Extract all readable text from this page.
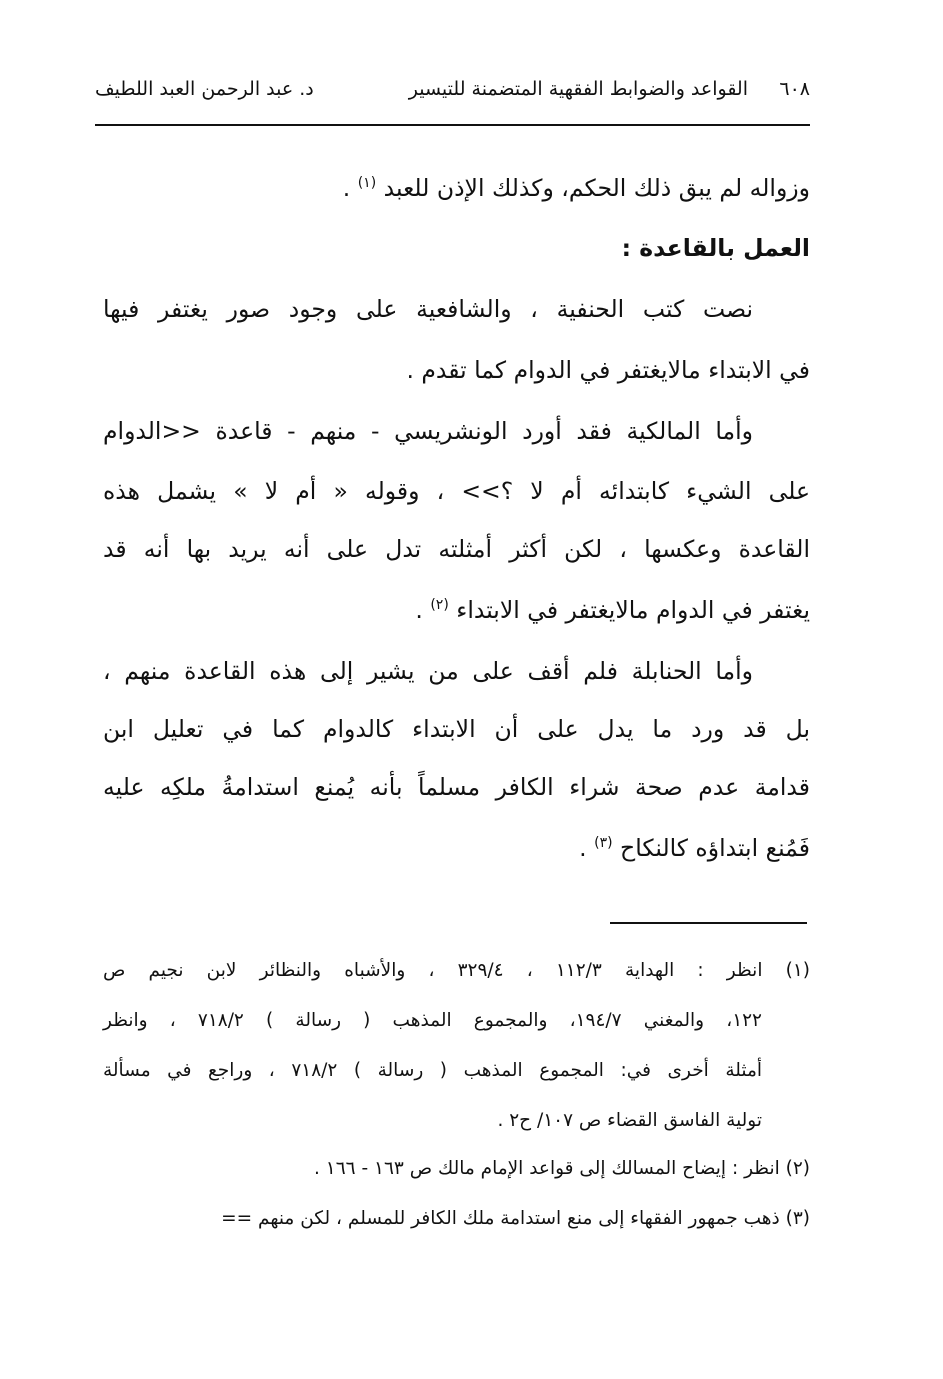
٦٠٨
القواعد والضوابط الفقهية المتضمنة للتيسير
د. عبد الرحمن العبد اللطيف
وزواله لم يبق ذلك الحكم، وكذلك الإذن للعبد $^{(١)}$ .
العمل بالقاعدة :
نصت كتب الحنفية ، والشافعية على وجود صور يغتفر فيها
في الابتداء مالايغتفر في الدوام كما تقدم .
وأما المالكية فقد أورد الونشريسي - منهم - قاعدة <<الدوام
على الشيء كابتدائه أم لا ؟>> ، وقوله « أم لا » يشمل هذه
القاعدة وعكسها ، لكن أكثر أمثلته تدل على أنه يريد بها أنه قد
يغتفر في الدوام مالايغتفر في الابتداء $^{(٢)}$ .
وأما الحنابلة فلم أقف على من يشير إلى هذه القاعدة منهم ،
بل قد ورد ما يدل على أن الابتداء كالدوام كما في تعليل ابن
قدامة عدم صحة شراء الكافر مسلماً بأنه يُمنع استدامةُ ملكِه عليه
فَمُنع ابتداؤه كالنكاح $^{(٣)}$ .
(١) انظر : الهداية ١١٢/٣ ، ٣٢٩/٤ ، والأشباه والنظائر لابن نجيم ص
١٢٢، والمغني ١٩٤/٧، والمجموع المذهب ( رسالة ) ٧١٨/٢ ، وانظر
أمثلة أخرى في: المجموع المذهب ( رسالة ) ٧١٨/٢ ، وراجع في مسألة
تولية الفاسق القضاء ص ١٠٧/ ح٢ .
(٢) انظر : إيضاح المسالك إلى قواعد الإمام مالك ص ١٦٣ - ١٦٦ .
(٣) ذهب جمهور الفقهاء إلى منع استدامة ملك الكافر للمسلم ، لكن منهم ==
